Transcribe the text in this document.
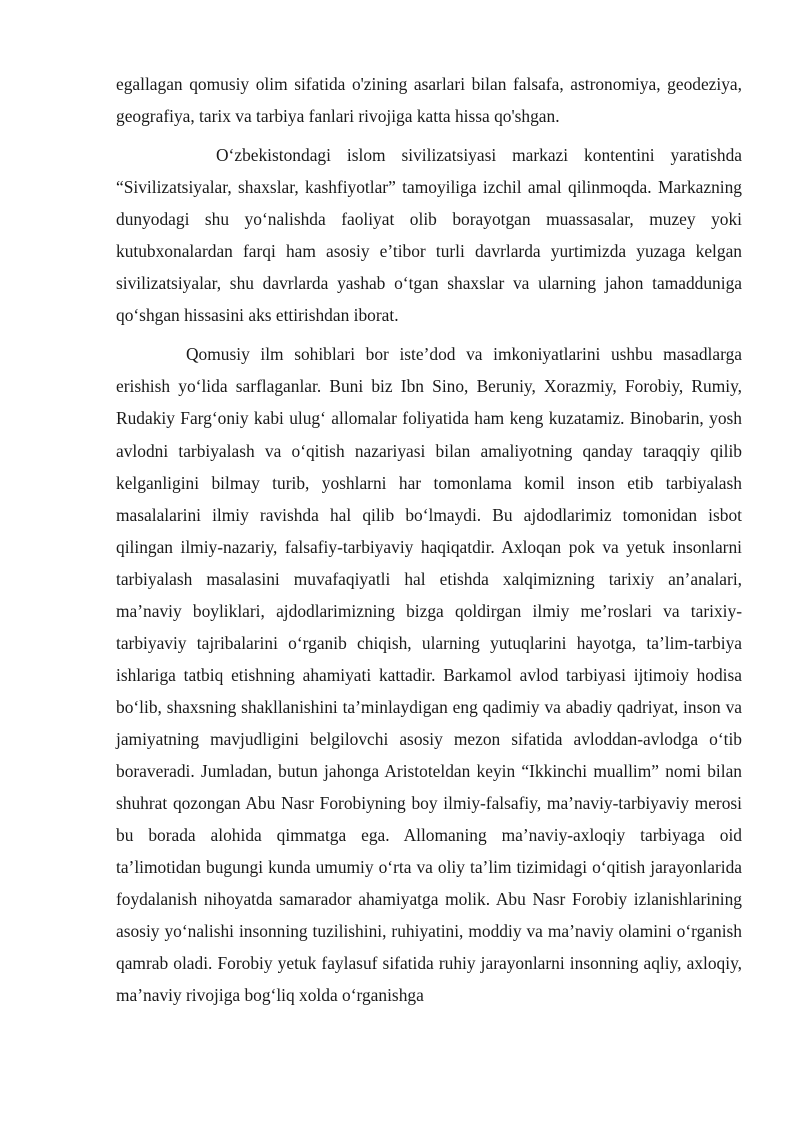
egallagan qomusiy olim sifatida o'zining asarlari bilan falsafa, astronomiya, geodeziya, geografiya, tarix va tarbiya fanlari rivojiga katta hissa qo'shgan.

O‘zbekistondagi islom sivilizatsiyasi markazi kontentini yaratishda “Sivilizatsiyalar, shaxslar, kashfiyotlar” tamoyiliga izchil amal qilinmoqda. Markazning dunyodagi shu yo‘nalishda faoliyat olib borayotgan muassasalar, muzey yoki kutubxonalardan farqi ham asosiy e’tibor turli davrlarda yurtimizda yuzaga kelgan sivilizatsiyalar, shu davrlarda yashab o‘tgan shaxslar va ularning jahon tamadduniga qo‘shgan hissasini aks ettirishdan iborat.

Qomusiy ilm sohiblari bor iste’dod va imkoniyatlarini ushbu masadlarga erishish yo‘lida sarflaganlar. Buni biz Ibn Sino, Beruniy, Xorazmiy, Forobiy, Rumiy, Rudakiy Farg‘oniy kabi ulug‘ allomalar foliyatida ham keng kuzatamiz. Binobarin, yosh avlodni tarbiyalash va o‘qitish nazariyasi bilan amaliyotning qanday taraqqiy qilib kelganligini bilmay turib, yoshlarni har tomonlama komil inson etib tarbiyalash masalalarini ilmiy ravishda hal qilib bo‘lmaydi. Bu ajdodlarimiz tomonidan isbot qilingan ilmiy-nazariy, falsafiy-tarbiyaviy haqiqatdir. Axloqan pok va yetuk insonlarni tarbiyalash masalasini muvafaqiyatli hal etishda xalqimizning tarixiy an’analari, ma’naviy boyliklari, ajdodlarimizning bizga qoldirgan ilmiy me’roslari va tarixiy-tarbiyaviy tajribalarini o‘rganib chiqish, ularning yutuqlarini hayotga, ta’lim-tarbiya ishlariga tatbiq etishning ahamiyati kattadir. Barkamol avlod tarbiyasi ijtimoiy hodisa bo‘lib, shaxsning shakllanishini ta’minlaydigan eng qadimiy va abadiy qadriyat, inson va jamiyatning mavjudligini belgilovchi asosiy mezon sifatida avloddan-avlodga o‘tib boraveradi. Jumladan, butun jahonga Aristoteldan keyin “Ikkinchi muallim” nomi bilan shuhrat qozongan Abu Nasr Forobiyning boy ilmiy-falsafiy, ma’naviy-tarbiyaviy merosi bu borada alohida qimmatga ega. Allomaning ma’naviy-axloqiy tarbiyaga oid ta’limotidan bugungi kunda umumiy o‘rta va oliy ta’lim tizimidagi o‘qitish jarayonlarida foydalanish nihoyatda samarador ahamiyatga molik. Abu Nasr Forobiy izlanishlarining asosiy yo‘nalishi insonning tuzilishini, ruhiyatini, moddiy va ma’naviy olamini o‘rganish qamrab oladi. Forobiy yetuk faylasuf sifatida ruhiy jarayonlarni insonning aqliy, axloqiy, ma’naviy rivojiga bog‘liq xolda o‘rganishga
